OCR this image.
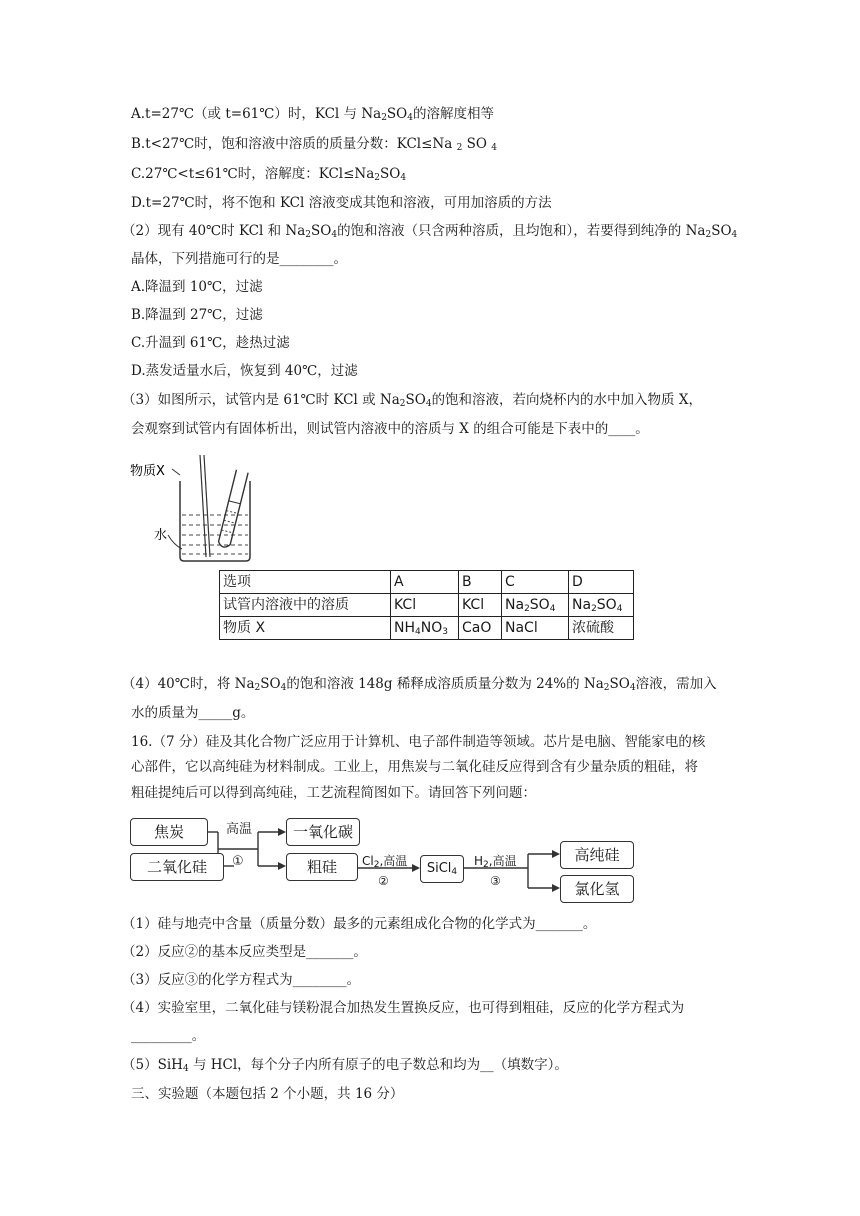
A.t=27℃（或 t=61℃）时，KCl 与 $Na_2SO_4$的溶解度相等
B.t<27℃时，饱和溶液中溶质的质量分数：KCl≤Na $_2$ SO $_4$
C.27℃<t≤61℃时，溶解度：$KCl\le Na_2SO_4$
D.t=27℃时，将不饱和 KCl 溶液变成其饱和溶液，可用加溶质的方法
（2）现有 40℃时 KCl 和 $Na_2SO_4$的饱和溶液（只含两种溶质，且均饱和），若要得到纯净的 $Na_2SO_4$
晶体，下列措施可行的是________。
A.降温到 10℃，过滤
B.降温到 27℃，过滤
C.升温到 61℃，趁热过滤
D.蒸发适量水后，恢复到 40℃，过滤
（3）如图所示，试管内是 61℃时 KCl 或 $Na_2SO_4$的饱和溶液，若向烧杯内的水中加入物质 X，
会观察到试管内有固体析出，则试管内溶液中的溶质与 X 的组合可能是下表中的____。
物质X
水
选项	A	B	C	D
试管内溶液中的溶质	KCl	KCl	$Na_2SO_4$	$Na_2SO_4$
物质 X	$NH_4NO_3$	CaO	NaCl	浓硫酸
（4）40℃时，将 $Na_2SO_4$的饱和溶液 148g 稀释成溶质质量分数为 24%的 $Na_2SO_4$溶液，需加入
水的质量为_____g。
16.（7 分）硅及其化合物广泛应用于计算机、电子部件制造等领域。芯片是电脑、智能家电的核
心部件，它以高纯硅为材料制成。工业上，用焦炭与二氧化硅反应得到含有少量杂质的粗硅，将
粗硅提纯后可以得到高纯硅，工艺流程简图如下。请回答下列问题：
焦炭
二氧化硅
高温
①
一氧化碳
粗硅	$Cl_2$,高温
②
SiCl$_4$
$H_2$,高温
③
高纯硅
氯化氢
（1）硅与地壳中含量（质量分数）最多的元素组成化合物的化学式为_______。
（2）反应②的基本反应类型是_______。
（3）反应③的化学方程式为________。
（4）实验室里，二氧化硅与镁粉混合加热发生置换反应，也可得到粗硅，反应的化学方程式为
_________。
（5）SiH$_4$ 与 HCl，每个分子内所有原子的电子数总和均为__（填数字）。
三、实验题（本题包括 2 个小题，共 16 分）
